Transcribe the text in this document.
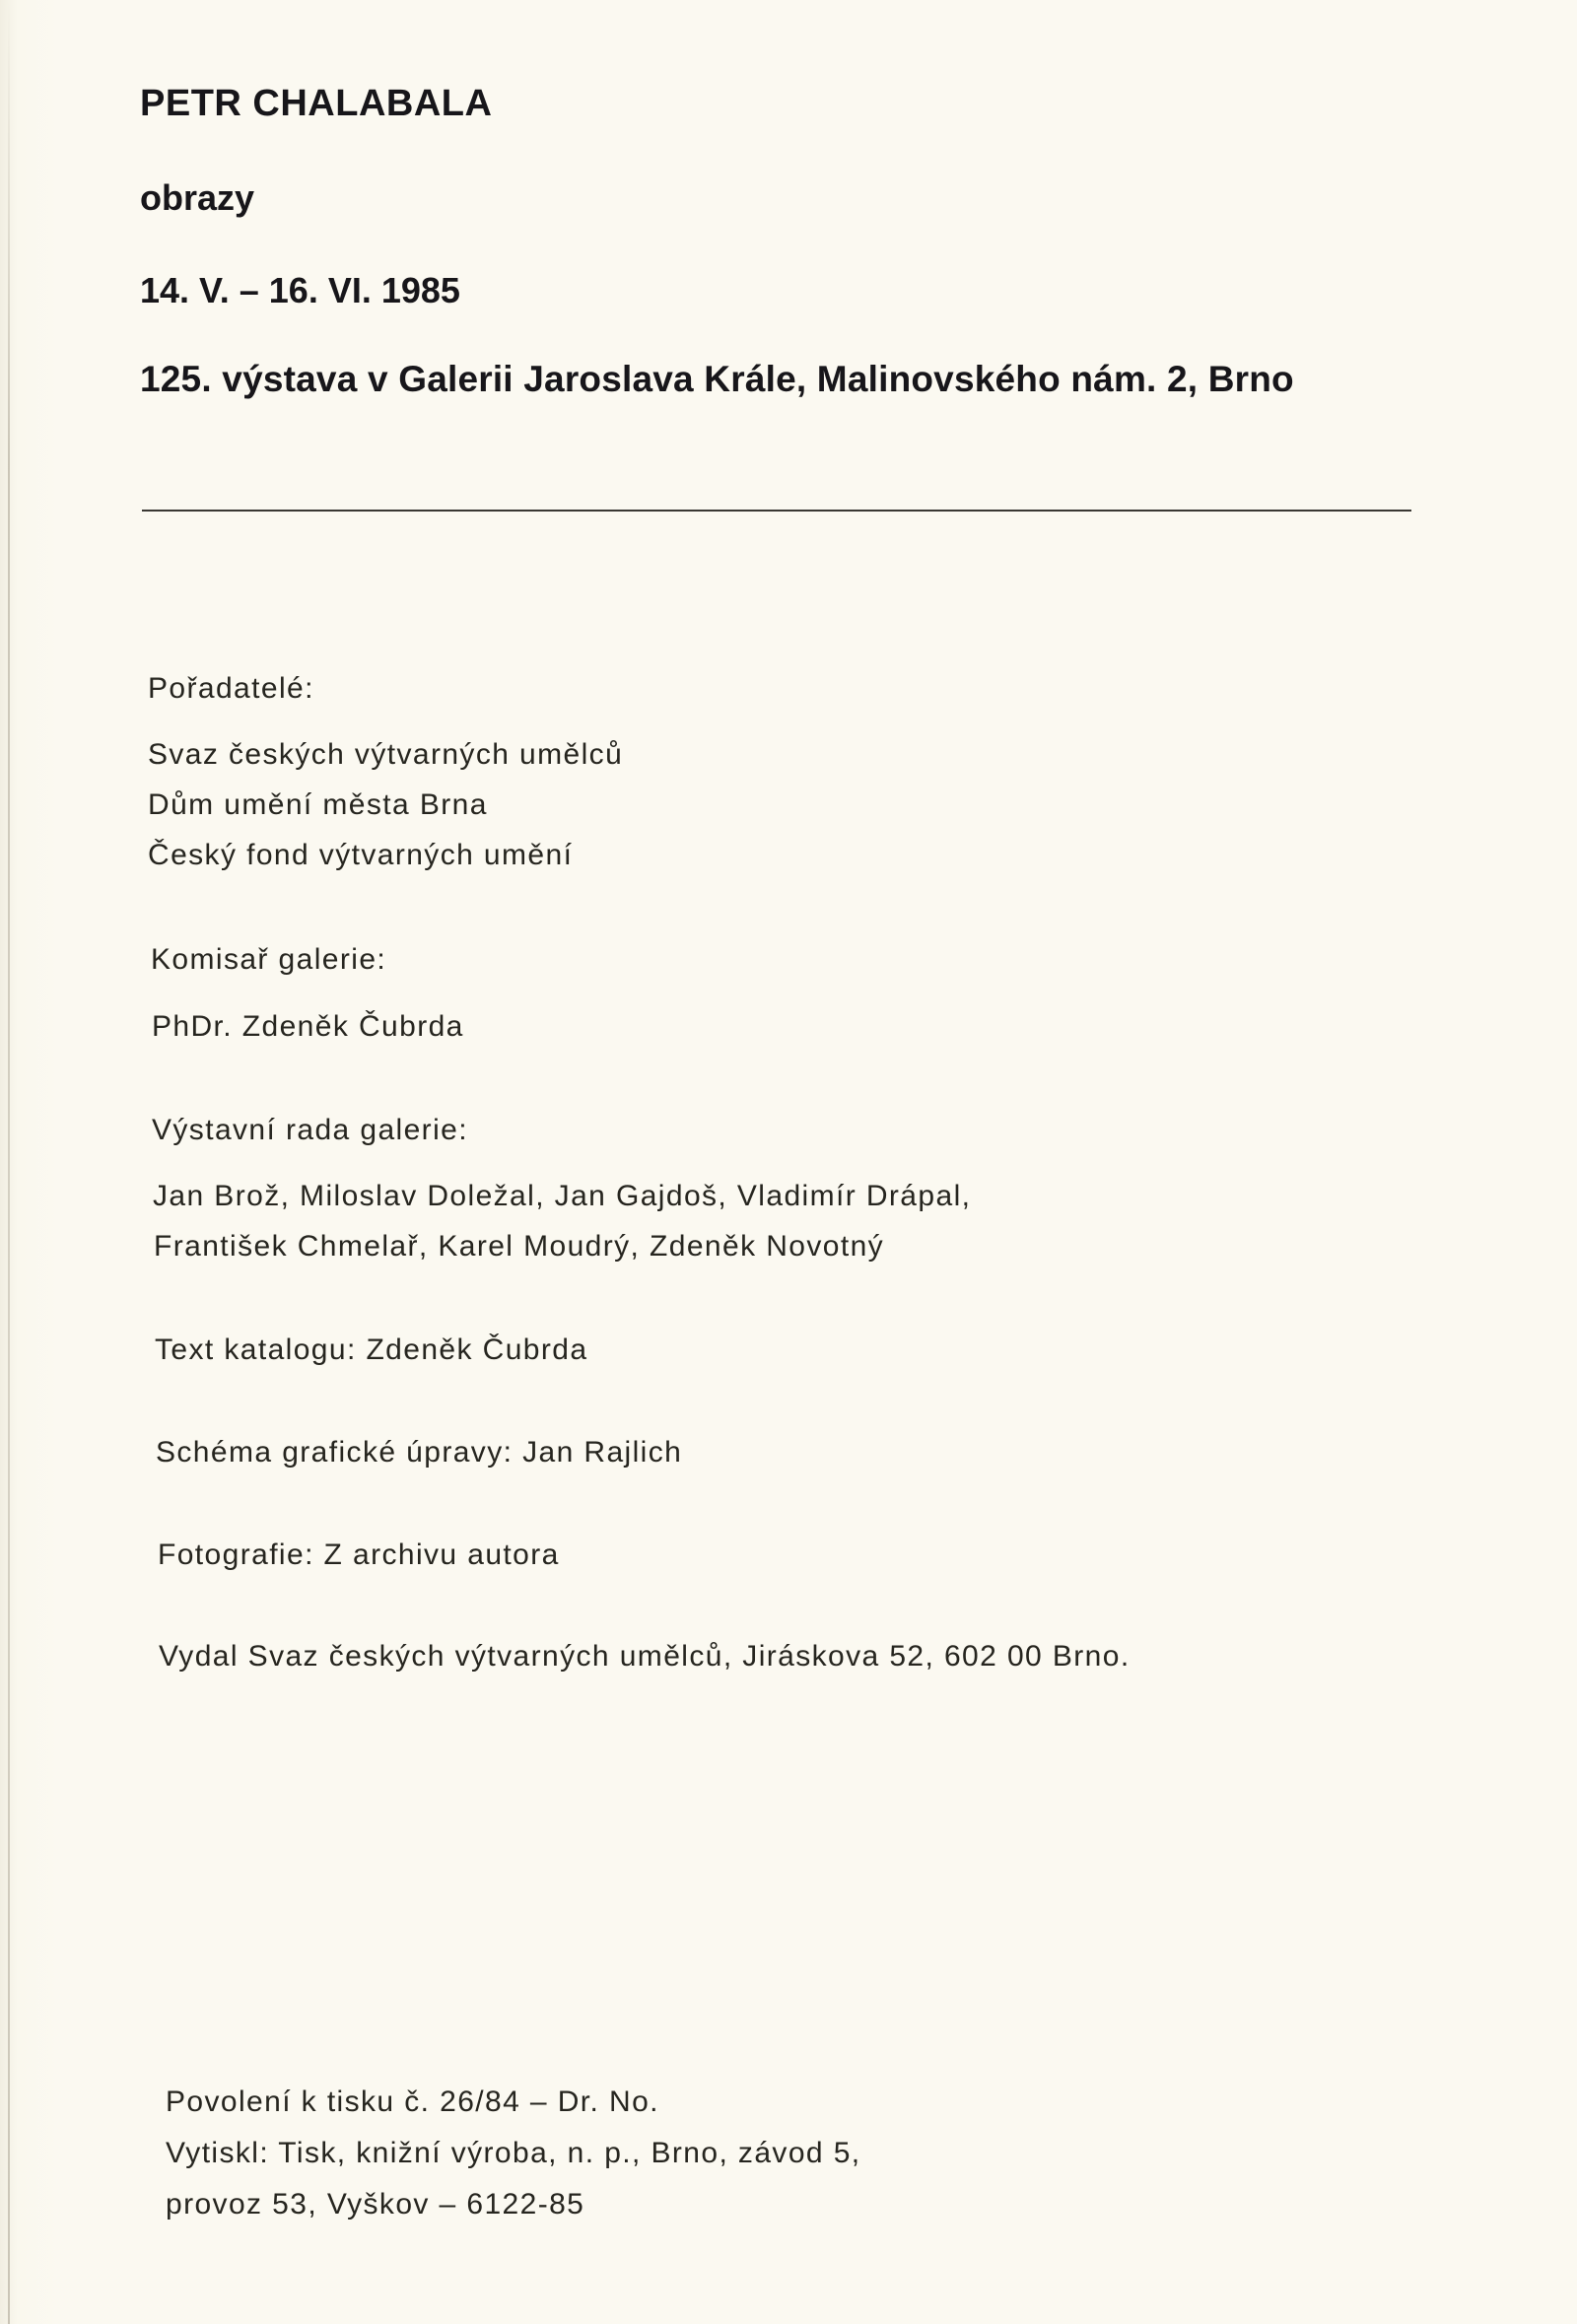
PETR CHALABALA
obrazy
14. V. – 16. VI. 1985
125. výstava v Galerii Jaroslava Krále, Malinovského nám. 2, Brno
Pořadatelé:
Svaz českých výtvarných umělců
Dům umění města Brna
Český fond výtvarných umění
Komisař galerie:
PhDr. Zdeněk Čubrda
Výstavní rada galerie:
Jan Brož, Miloslav Doležal, Jan Gajdoš, Vladimír Drápal,
František Chmelař, Karel Moudrý, Zdeněk Novotný
Text katalogu: Zdeněk Čubrda
Schéma grafické úpravy: Jan Rajlich
Fotografie: Z archivu autora
Vydal Svaz českých výtvarných umělců, Jiráskova 52, 602 00 Brno.
Povolení k tisku č. 26/84 – Dr. No.
Vytiskl: Tisk, knižní výroba, n. p., Brno, závod 5,
provoz 53, Vyškov – 6122-85
